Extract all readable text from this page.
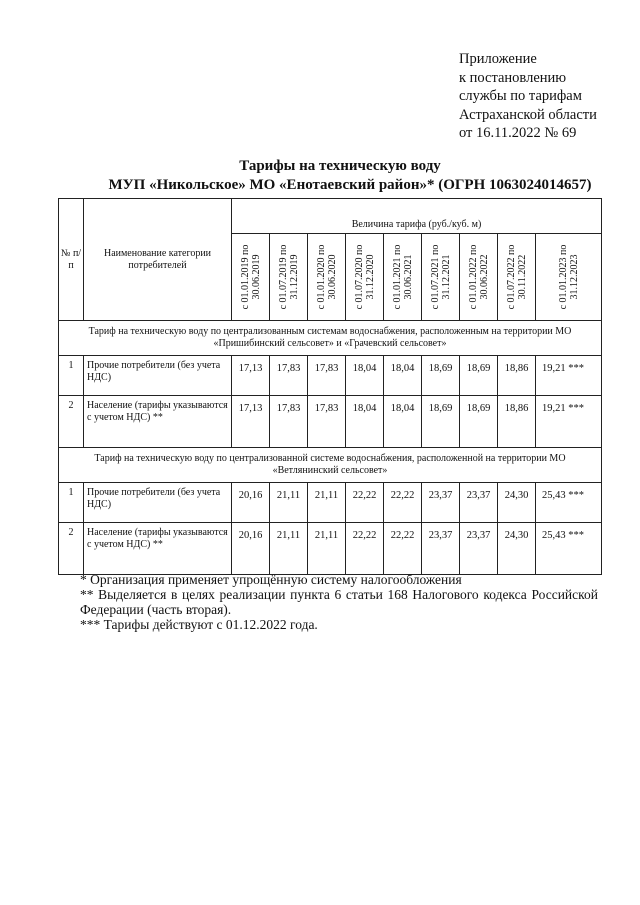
Приложение
к постановлению
службы по тарифам
Астраханской области
от 16.11.2022 № 69
Тарифы на техническую воду
МУП «Никольское» МО «Енотаевский район»* (ОГРН 1063024014657)
№ п/п	Наименование категории потребителей	Величина тарифа (руб./куб. м)								

		с 01.01.2019 по 30.06.2019	с 01.07.2019 по 31.12.2019	с 01.01.2020 по 30.06.2020	с 01.07.2020 по 31.12.2020	с 01.01.2021 по 30.06.2021	с 01.07.2021 по 31.12.2021	с 01.01.2022 по 30.06.2022	с 01.07.2022 по 30.11.2022	с 01.01.2023 по 31.12.2023

Тариф на техническую воду по централизованным системам водоснабжения, расположенным на территории МО «Пришибинский сельсовет» и «Грачевский сельсовет»										
1	Прочие потребители (без учета НДС)	17,13	17,83	17,83	18,04	18,04	18,69	18,69	18,86	19,21 ***
2	Население (тарифы указываются с учетом НДС) **	17,13	17,83	17,83	18,04	18,04	18,69	18,69	18,86	19,21 ***
Тариф на техническую воду по централизованной системе водоснабжения, расположенной на территории МО «Ветлянинский сельсовет»										
1	Прочие потребители (без учета НДС)	20,16	21,11	21,11	22,22	22,22	23,37	23,37	24,30	25,43 ***
2	Население (тарифы указываются с учетом НДС) **	20,16	21,11	21,11	22,22	22,22	23,37	23,37	24,30	25,43 ***
* Организация применяет упрощённую систему налогообложения
** Выделяется в целях реализации пункта 6 статьи 168 Налогового кодекса Российской Федерации (часть вторая).
*** Тарифы действуют с 01.12.2022 года.
